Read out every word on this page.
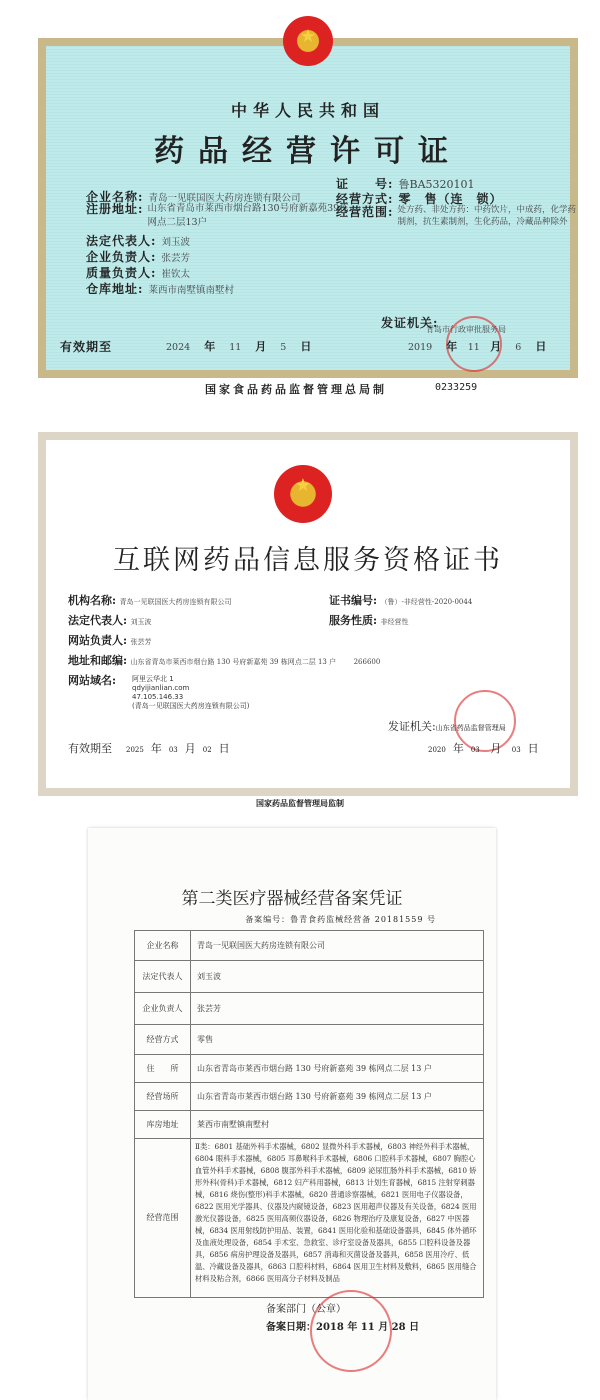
★
中华人民共和国
药品经营许可证
企业名称: 青岛一见联国医大药房连锁有限公司
注册地址: 山东省青岛市莱西市烟台路130号府新嘉苑39栋网点二层13户
法定代表人: 刘玉波
企业负责人: 张芸芳
质量负责人: 崔钦太
仓库地址: 莱西市南墅镇南墅村
证　　号: 鲁BA5320101
经营方式: 零　售（连　锁）
经营范围: 处方药、非处方药：中药饮片，中成药，化学药制剂，抗生素制剂，生化药品，冷藏品种除外
发证机关:
青岛市行政审批服务局
有效期至	2024 年 11 月 5 日	2019 年 11 月 6 日
国家食品药品监督管理总局制	0233259
★
互联网药品信息服务资格证书
机构名称: 青岛一见联国医大药房连锁有限公司
法定代表人: 刘玉波
网站负责人: 张芸芳
地址和邮编: 山东省青岛市莱西市烟台路 130 号府新嘉苑 39 栋网点二层 13 户	266600
网站域名:	阿里云华北 1
qdyijianlian.com
47.105.146.33
(青岛一见联国医大药房连锁有限公司)
证书编号: （鲁）-非经营性-2020-0044
服务性质: 非经营性
发证机关:山东省药品监督管理局
有效期至 2025 年 03 月 02 日	2020 年 03 月 03 日
国家药品监督管理局监制
第二类医疗器械经营备案凭证
备案编号：鲁青食药监械经营备 20181559 号
企业名称	青岛一见联国医大药房连锁有限公司
法定代表人	刘玉波
企业负责人	张芸芳
经营方式	零售
住　　所	山东省青岛市莱西市烟台路 130 号府新嘉苑 39 栋网点二层 13 户
经营场所	山东省青岛市莱西市烟台路 130 号府新嘉苑 39 栋网点二层 13 户
库房地址	莱西市南墅镇南墅村
经营范围	Ⅱ类：6801 基础外科手术器械，6802 显微外科手术器械，6803 神经外科手术器械，6804 眼科手术器械，6805 耳鼻喉科手术器械，6806 口腔科手术器械，6807 胸腔心血管外科手术器械，6808 腹部外科手术器械，6809 泌尿肛肠外科手术器械，6810 矫形外科(骨科)手术器械，6812 妇产科用器械，6813 计划生育器械，6815 注射穿刺器械，6816 烧伤(整形)科手术器械，6820 普通诊察器械，6821 医用电子仪器设备，6822 医用光学器具、仪器及内窥镜设备，6823 医用超声仪器及有关设备，6824 医用激光仪器设备，6825 医用高频仪器设备，6826 物理治疗及康复设备，6827 中医器械，6834 医用射线防护用品、装置，6841 医用化验和基础设备器具，6845 体外循环及血液处理设备，6854 手术室、急救室、诊疗室设备及器具，6855 口腔科设备及器具，6856 病房护理设备及器具，6857 消毒和灭菌设备及器具，6858 医用冷疗、低温、冷藏设备及器具，6863 口腔科材料，6864 医用卫生材料及敷料，6865 医用缝合材料及粘合剂，6866 医用高分子材料及制品
备案部门（公章）
备案日期：2018 年 11 月 28 日
